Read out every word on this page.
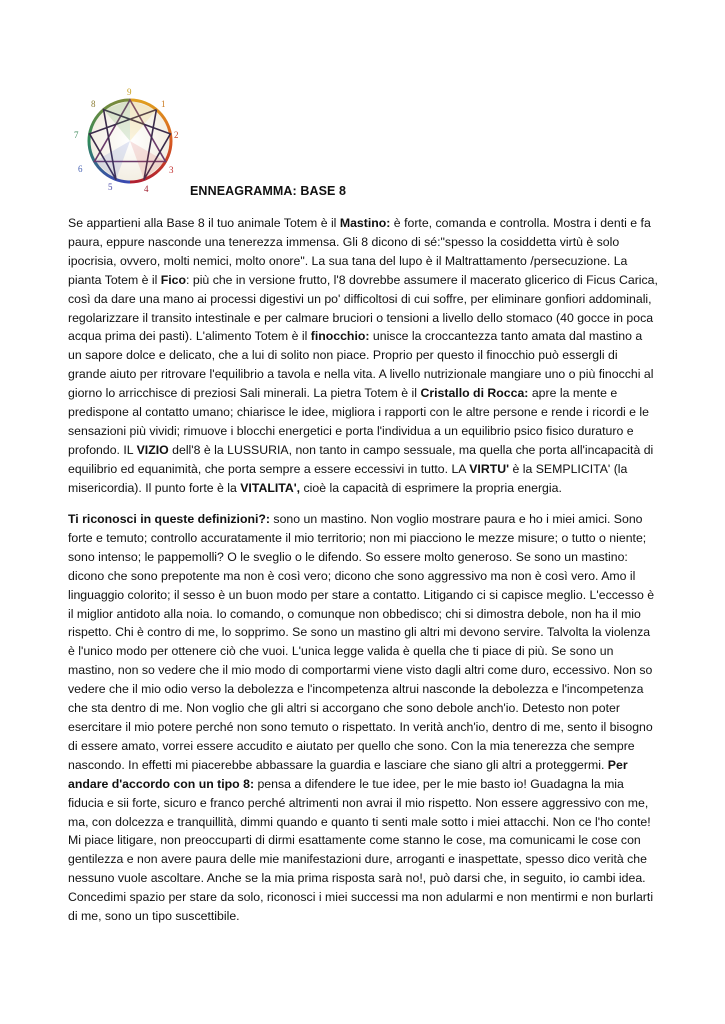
9
1
2
3
4
5
6
7
8
ENNEAGRAMMA: BASE 8

Se appartieni alla Base 8 il tuo animale Totem è il Mastino: è forte, comanda e controlla. Mostra i denti e fa paura, eppure nasconde una tenerezza immensa. Gli 8 dicono di sé:"spesso la cosiddetta virtù è solo ipocrisia, ovvero, molti nemici, molto onore". La sua tana del lupo è il Maltrattamento /persecuzione. La pianta Totem è il Fico: più che in versione frutto, l'8 dovrebbe assumere il macerato glicerico di Ficus Carica, così da dare una mano ai processi digestivi un po' difficoltosi di cui soffre, per eliminare gonfiori addominali, regolarizzare il transito intestinale e per calmare bruciori o tensioni a livello dello stomaco (40 gocce in poca acqua prima dei pasti). L'alimento Totem è il finocchio: unisce la croccantezza tanto amata dal mastino a un sapore dolce e delicato, che a lui di solito non piace. Proprio per questo il finocchio può essergli di grande aiuto per ritrovare l'equilibrio a tavola e nella vita. A livello nutrizionale mangiare uno o più finocchi al giorno lo arricchisce di preziosi Sali minerali. La pietra Totem è il Cristallo di Rocca: apre la mente e predispone al contatto umano; chiarisce le idee, migliora i rapporti con le altre persone e rende i ricordi e le sensazioni più vividi; rimuove i blocchi energetici e porta l'individua a un equilibrio psico fisico duraturo e profondo. IL VIZIO dell'8 è la LUSSURIA, non tanto in campo sessuale, ma quella che porta all'incapacità di equilibrio ed equanimità, che porta sempre a essere eccessivi in tutto. LA VIRTU' è la SEMPLICITA' (la misericordia). Il punto forte è la VITALITA', cioè la capacità di esprimere la propria energia.

Ti riconosci in queste definizioni?: sono un mastino. Non voglio mostrare paura e ho i miei amici. Sono forte e temuto; controllo accuratamente il mio territorio; non mi piacciono le mezze misure; o tutto o niente; sono intenso; le pappemolli? O le sveglio o le difendo. So essere molto generoso. Se sono un mastino: dicono che sono prepotente ma non è così vero; dicono che sono aggressivo ma non è così vero. Amo il linguaggio colorito; il sesso è un buon modo per stare a contatto. Litigando ci si capisce meglio. L'eccesso è il miglior antidoto alla noia. Io comando, o comunque non obbedisco; chi si dimostra debole, non ha il mio rispetto. Chi è contro di me, lo sopprimo. Se sono un mastino gli altri mi devono servire. Talvolta la violenza è l'unico modo per ottenere ciò che vuoi. L'unica legge valida è quella che ti piace di più. Se sono un mastino, non so vedere che il mio modo di comportarmi viene visto dagli altri come duro, eccessivo. Non so vedere che il mio odio verso la debolezza e l'incompetenza altrui nasconde la debolezza e l'incompetenza che sta dentro di me. Non voglio che gli altri si accorgano che sono debole anch'io. Detesto non poter esercitare il mio potere perché non sono temuto o rispettato. In verità anch'io, dentro di me, sento il bisogno di essere amato, vorrei essere accudito e aiutato per quello che sono. Con la mia tenerezza che sempre nascondo. In effetti mi piacerebbe abbassare la guardia e lasciare che siano gli altri a proteggermi. Per andare d'accordo con un tipo 8: pensa a difendere le tue idee, per le mie basto io! Guadagna la mia fiducia e sii forte, sicuro e franco perché altrimenti non avrai il mio rispetto. Non essere aggressivo con me, ma, con dolcezza e tranquillità, dimmi quando e quanto ti senti male sotto i miei attacchi. Non ce l'ho conte! Mi piace litigare, non preoccuparti di dirmi esattamente come stanno le cose, ma comunicami le cose con gentilezza e non avere paura delle mie manifestazioni dure, arroganti e inaspettate, spesso dico verità che nessuno vuole ascoltare. Anche se la mia prima risposta sarà no!, può darsi che, in seguito, io cambi idea. Concedimi spazio per stare da solo, riconosci i miei successi ma non adularmi e non mentirmi e non burlarti di me, sono un tipo suscettibile.
